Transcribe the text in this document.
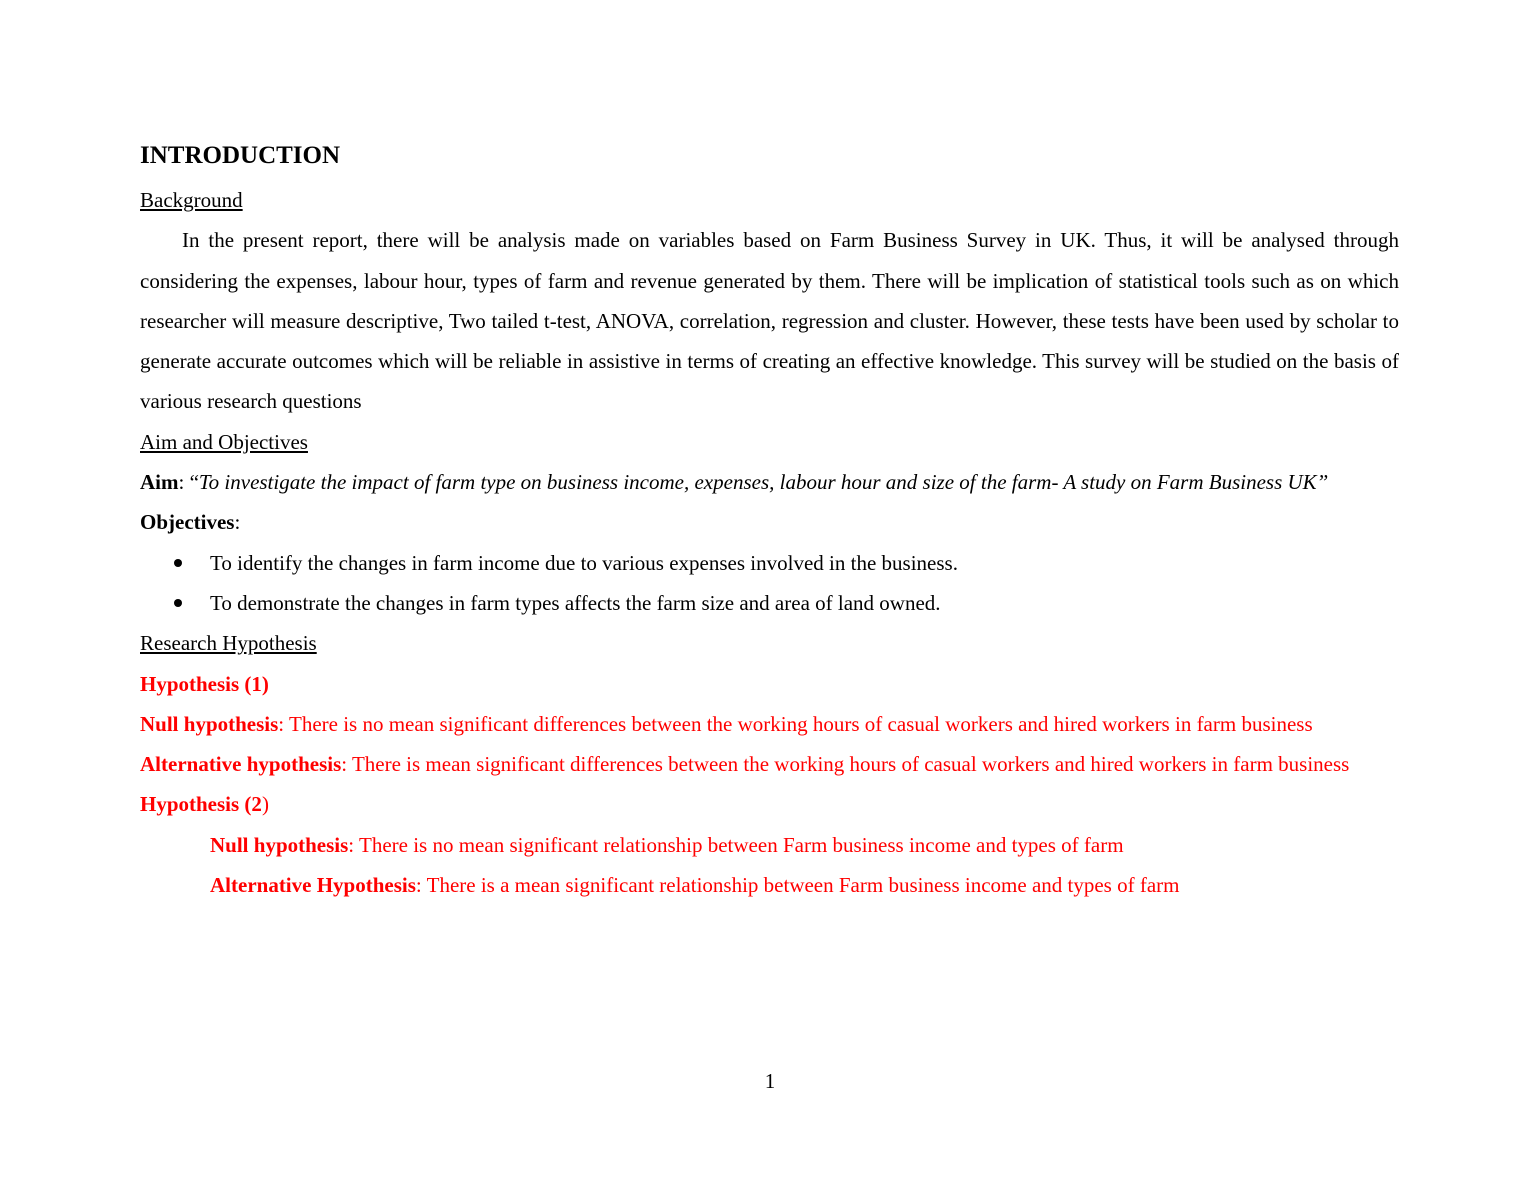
INTRODUCTION
Background
In the present report, there will be analysis made on variables based on Farm Business Survey in UK. Thus, it will be analysed through considering the expenses, labour hour, types of farm and revenue generated by them. There will be implication of statistical tools such as on which researcher will measure descriptive, Two tailed t-test, ANOVA, correlation, regression and cluster. However, these tests have been used by scholar to generate accurate outcomes which will be reliable in assistive in terms of creating an effective knowledge. This survey will be studied on the basis of various research questions
Aim and Objectives
Aim: “To investigate the impact of farm type on business income, expenses, labour hour and size of the farm- A study on Farm Business UK”
Objectives:
To identify the changes in farm income due to various expenses involved in the business.
To demonstrate the changes in farm types affects the farm size and area of land owned.
Research Hypothesis
Hypothesis (1)
Null hypothesis: There is no mean significant differences between the working hours of casual workers and hired workers in farm business
Alternative hypothesis: There is mean significant differences between the working hours of casual workers and hired workers in farm business
Hypothesis (2)
Null hypothesis: There is no mean significant relationship between Farm business income and types of farm
Alternative Hypothesis: There is a mean significant relationship between Farm business income and types of farm
1
